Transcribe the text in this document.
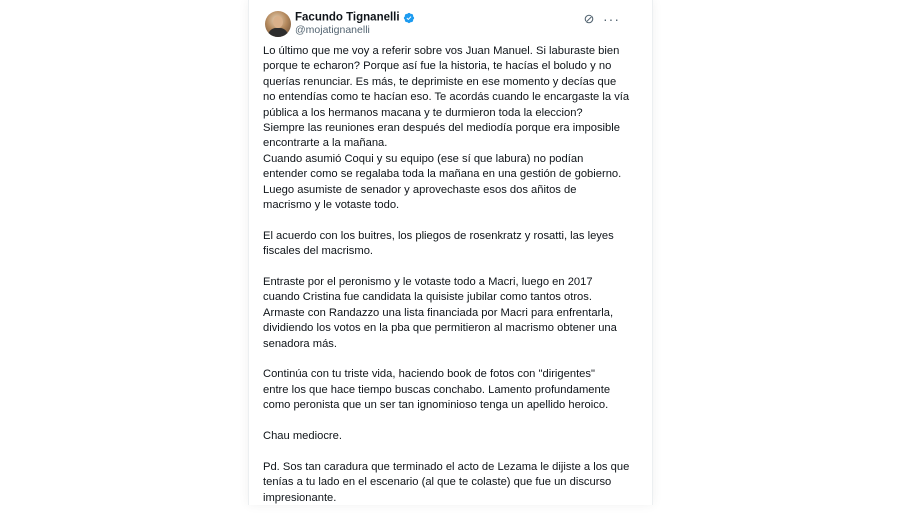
Facundo Tignanelli
@mojatignanelli
···
Lo último que me voy a referir sobre vos Juan Manuel. Si laburaste bien
porque te echaron? Porque así fue la historia, te hacías el boludo y no
querías renunciar. Es más, te deprimiste en ese momento y decías que
no entendías como te hacían eso. Te acordás cuando le encargaste la vía
pública a los hermanos macana y te durmieron toda la eleccion?
Siempre las reuniones eran después del mediodía porque era imposible
encontrarte a la mañana.
Cuando asumió Coqui y su equipo (ese sí que labura) no podían
entender como se regalaba toda la mañana en una gestión de gobierno.
Luego asumiste de senador y aprovechaste esos dos añitos de
macrismo y le votaste todo.
El acuerdo con los buitres, los pliegos de rosenkratz y rosatti, las leyes
fiscales del macrismo.
Entraste por el peronismo y le votaste todo a Macri, luego en 2017
cuando Cristina fue candidata la quisiste jubilar como tantos otros.
Armaste con Randazzo una lista financiada por Macri para enfrentarla,
dividiendo los votos en la pba que permitieron al macrismo obtener una
senadora más.
Continúa con tu triste vida, haciendo book de fotos con "dirigentes"
entre los que hace tiempo buscas conchabo. Lamento profundamente
como peronista que un ser tan ignominioso tenga un apellido heroico.
Chau mediocre.
Pd. Sos tan caradura que terminado el acto de Lezama le dijiste a los que
tenías a tu lado en el escenario (al que te colaste) que fue un discurso
impresionante.
